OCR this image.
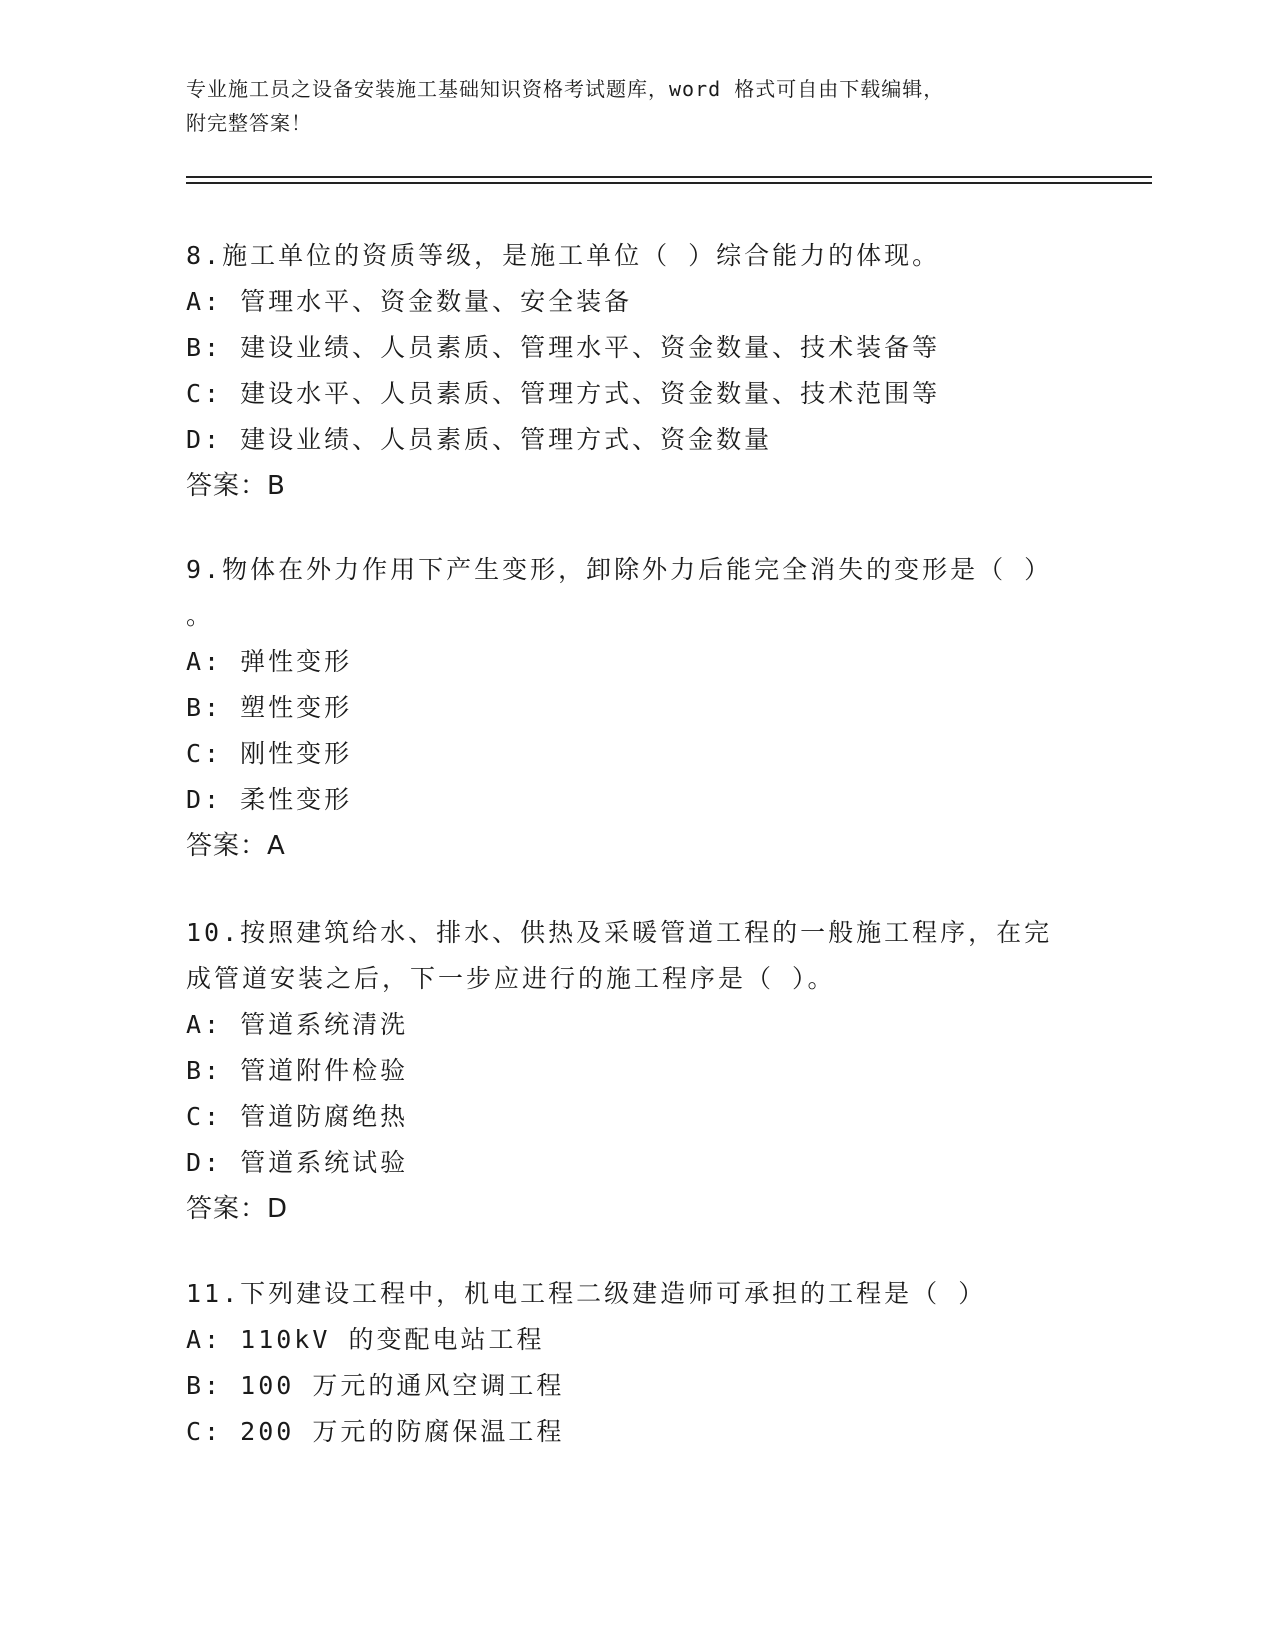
专业施工员之设备安装施工基础知识资格考试题库，word 格式可自由下载编辑，
附完整答案！
8.施工单位的资质等级，是施工单位（ ）综合能力的体现。
A: 管理水平、资金数量、安全装备
B: 建设业绩、人员素质、管理水平、资金数量、技术装备等
C: 建设水平、人员素质、管理方式、资金数量、技术范围等
D: 建设业绩、人员素质、管理方式、资金数量
答案：B
9.物体在外力作用下产生变形，卸除外力后能完全消失的变形是（ ）
。
A: 弹性变形
B: 塑性变形
C: 刚性变形
D: 柔性变形
答案：A
10.按照建筑给水、排水、供热及采暖管道工程的一般施工程序，在完
成管道安装之后，下一步应进行的施工程序是（ ）。
A: 管道系统清洗
B: 管道附件检验
C: 管道防腐绝热
D: 管道系统试验
答案：D
11.下列建设工程中，机电工程二级建造师可承担的工程是（ ）
A: 110kV 的变配电站工程
B: 100 万元的通风空调工程
C: 200 万元的防腐保温工程
